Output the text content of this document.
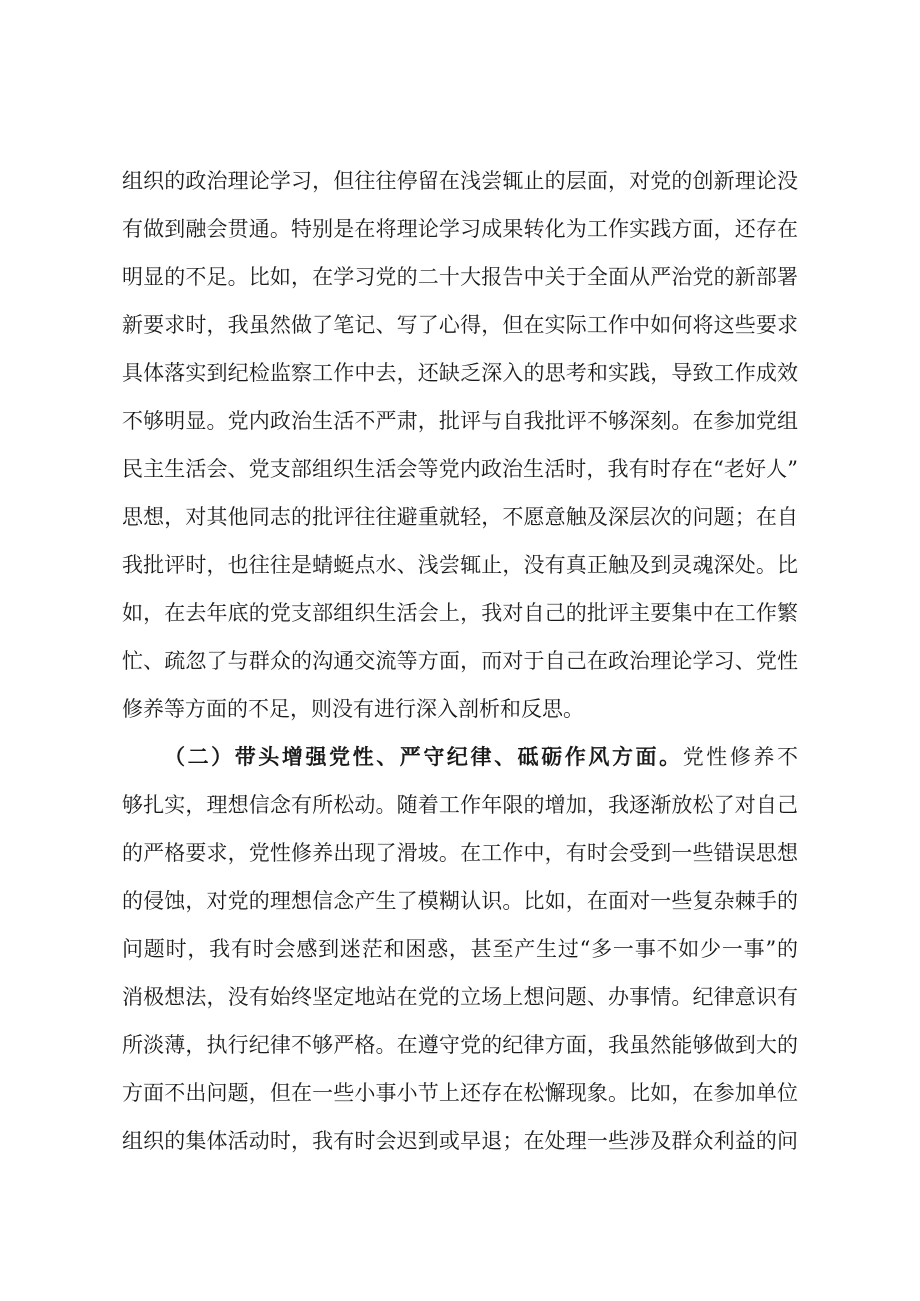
组织的政治理论学习，但往往停留在浅尝辄止的层面，对党的创新理论没
有做到融会贯通。特别是在将理论学习成果转化为工作实践方面，还存在
明显的不足。比如，在学习党的二十大报告中关于全面从严治党的新部署
新要求时，我虽然做了笔记、写了心得，但在实际工作中如何将这些要求
具体落实到纪检监察工作中去，还缺乏深入的思考和实践，导致工作成效
不够明显。党内政治生活不严肃，批评与自我批评不够深刻。在参加党组
民主生活会、党支部组织生活会等党内政治生活时，我有时存在“老好人”
思想，对其他同志的批评往往避重就轻，不愿意触及深层次的问题；在自
我批评时，也往往是蜻蜓点水、浅尝辄止，没有真正触及到灵魂深处。比
如，在去年底的党支部组织生活会上，我对自己的批评主要集中在工作繁
忙、疏忽了与群众的沟通交流等方面，而对于自己在政治理论学习、党性
修养等方面的不足，则没有进行深入剖析和反思。
（二）带头增强党性、严守纪律、砥砺作风方面。党性修养不
够扎实，理想信念有所松动。随着工作年限的增加，我逐渐放松了对自己
的严格要求，党性修养出现了滑坡。在工作中，有时会受到一些错误思想
的侵蚀，对党的理想信念产生了模糊认识。比如，在面对一些复杂棘手的
问题时，我有时会感到迷茫和困惑，甚至产生过“多一事不如少一事”的
消极想法，没有始终坚定地站在党的立场上想问题、办事情。纪律意识有
所淡薄，执行纪律不够严格。在遵守党的纪律方面，我虽然能够做到大的
方面不出问题，但在一些小事小节上还存在松懈现象。比如，在参加单位
组织的集体活动时，我有时会迟到或早退；在处理一些涉及群众利益的问
